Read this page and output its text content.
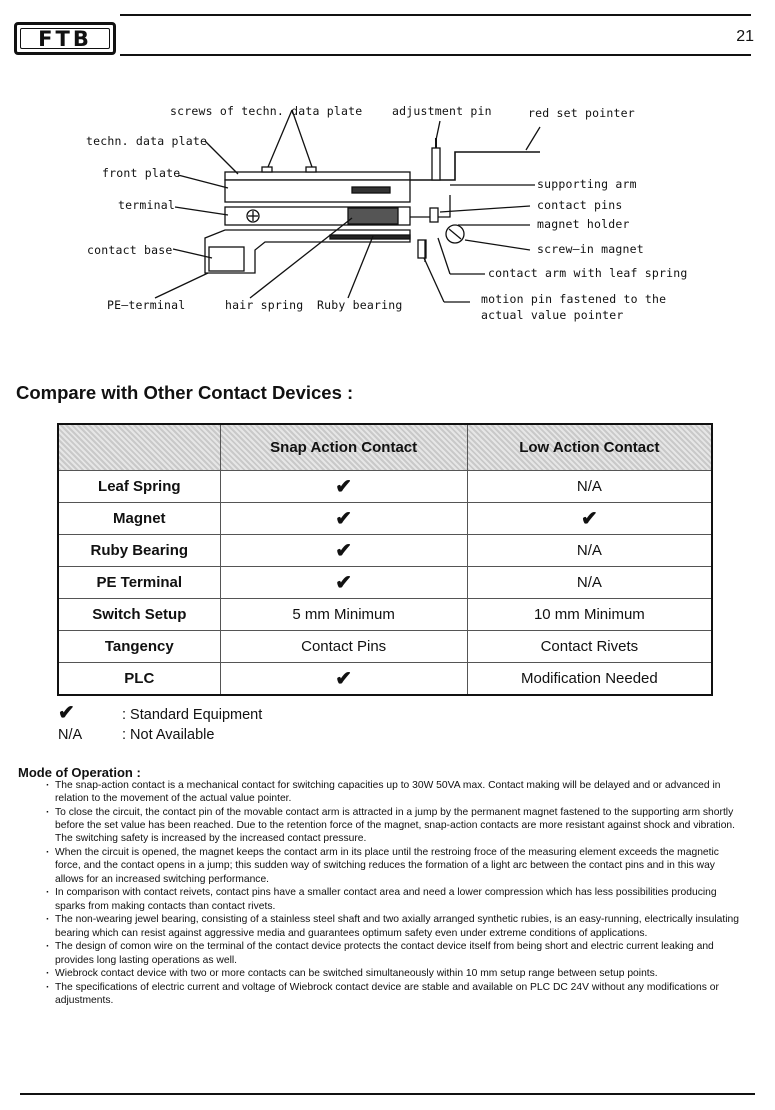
FTB	21
screws of techn. data plate	adjustment pin	red set pointer
techn. data plate
front plate
terminal
contact base
PE—terminal	hair spring Ruby bearing
supporting arm
contact pins
magnet holder
screw—in magnet
contact arm with leaf spring
motion pin fastened to the
actual value pointer
Compare with Other Contact Devices :
	Snap Action Contact	Low Action Contact
Leaf Spring	✔	N/A
Magnet	✔	✔
Ruby Bearing	✔	N/A
PE Terminal	✔	N/A
Switch Setup	5 mm Minimum	10 mm Minimum
Tangency	Contact Pins	Contact Rivets
PLC	✔	Modification Needed
✔	: Standard Equipment
N/A	: Not Available
Mode of Operation :
· The snap-action contact is a mechanical contact for switching capacities up to 30W 50VA max. Contact making will be delayed and or advanced in relation to the movement of the actual value pointer.
· To close the circuit, the contact pin of the movable contact arm is attracted in a jump by the permanent magnet fastened to the supporting arm shortly before the set value has been reached. Due to the retention force of the magnet, snap-action contacts are more resistant against shock and vibration. The switching safety is increased by the increased contact pressure.
· When the circuit is opened, the magnet keeps the contact arm in its place until the restroing froce of the measuring element exceeds the magnetic force, and the contact opens in a jump; this sudden way of switching reduces the formation of a light arc between the contact pins and in this way allows for an increased switching performance.
· In comparison with contact reivets, contact pins have a smaller contact area and need a lower compression which has less possibilities producing sparks from making contacts than contact rivets.
· The non-wearing jewel bearing, consisting of a stainless steel shaft and two axially arranged synthetic rubies, is an easy-running, electrically insulating bearing which can resist against aggressive media and guarantees optimum safety even under extreme conditions of applications.
· The design of comon wire on the terminal of the contact device protects the contact device itself from being short and electric current leaking and provides long lasting operations as well.
· Wiebrock contact device with two or more contacts can be switched simultaneously within 10 mm setup range between setup points.
· The specifications of electric current and voltage of Wiebrock contact device are stable and available on PLC DC 24V without any modifications or adjustments.
